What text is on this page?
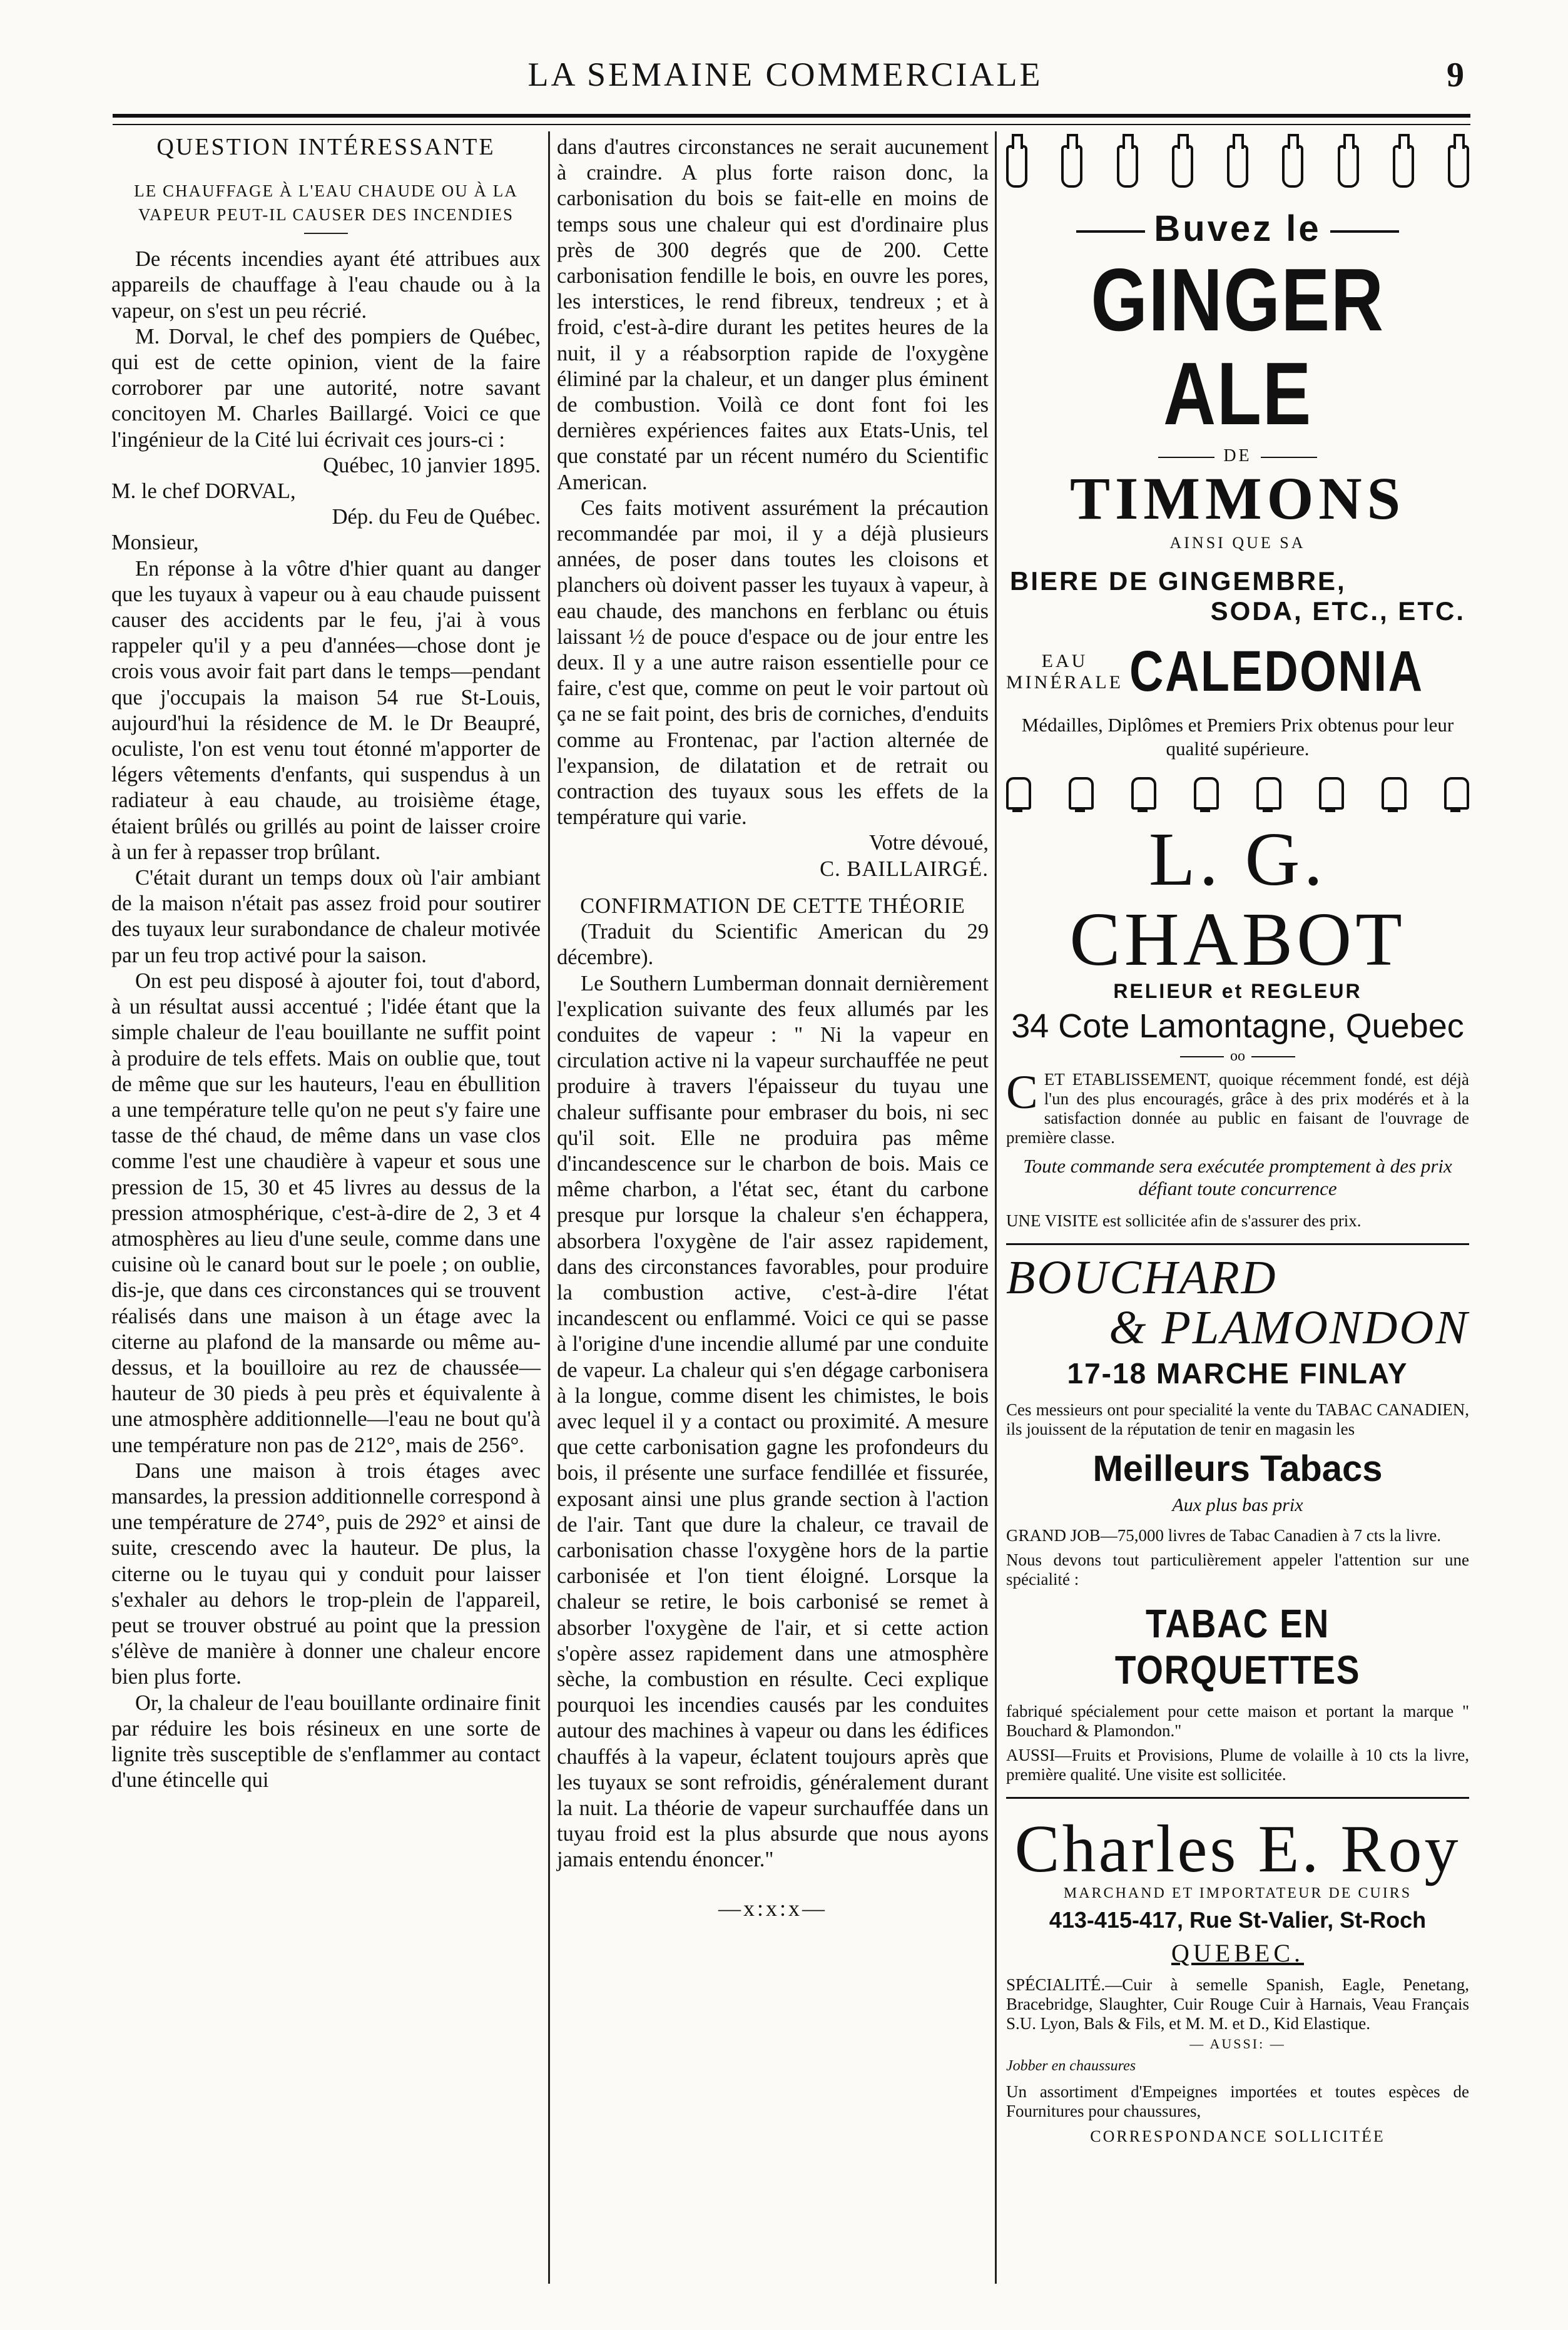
LA SEMAINE COMMERCIALE	9
QUESTION INTÉRESSANTE
LE CHAUFFAGE À L'EAU CHAUDE OU À LA VAPEUR PEUT-IL CAUSER DES INCENDIES

De récents incendies ayant été attribues aux appareils de chauffage à l'eau chaude ou à la vapeur, on s'est un peu récrié.

M. Dorval, le chef des pompiers de Québec, qui est de cette opinion, vient de la faire corroborer par une autorité, notre savant concitoyen M. Charles Baillargé. Voici ce que l'ingénieur de la Cité lui écrivait ces jours-ci :

Québec, 10 janvier 1895.

M. le chef DORVAL,

Dép. du Feu de Québec.

Monsieur,

En réponse à la vôtre d'hier quant au danger que les tuyaux à vapeur ou à eau chaude puissent causer des accidents par le feu, j'ai à vous rappeler qu'il y a peu d'années—chose dont je crois vous avoir fait part dans le temps—pendant que j'occupais la maison 54 rue St-Louis, aujourd'hui la résidence de M. le Dr Beaupré, oculiste, l'on est venu tout étonné m'apporter de légers vêtements d'enfants, qui suspendus à un radiateur à eau chaude, au troisième étage, étaient brûlés ou grillés au point de laisser croire à un fer à repasser trop brûlant.

C'était durant un temps doux où l'air ambiant de la maison n'était pas assez froid pour soutirer des tuyaux leur surabondance de chaleur motivée par un feu trop activé pour la saison.

On est peu disposé à ajouter foi, tout d'abord, à un résultat aussi accentué ; l'idée étant que la simple chaleur de l'eau bouillante ne suffit point à produire de tels effets. Mais on oublie que, tout de même que sur les hauteurs, l'eau en ébullition a une température telle qu'on ne peut s'y faire une tasse de thé chaud, de même dans un vase clos comme l'est une chaudière à vapeur et sous une pression de 15, 30 et 45 livres au dessus de la pression atmosphérique, c'est-à-dire de 2, 3 et 4 atmosphères au lieu d'une seule, comme dans une cuisine où le canard bout sur le poele ; on oublie, dis-je, que dans ces circonstances qui se trouvent réalisés dans une maison à un étage avec la citerne au plafond de la mansarde ou même au-dessus, et la bouilloire au rez de chaussée—hauteur de 30 pieds à peu près et équivalente à une atmosphère additionnelle—l'eau ne bout qu'à une température non pas de 212°, mais de 256°.

Dans une maison à trois étages avec mansardes, la pression additionnelle correspond à une température de 274°, puis de 292° et ainsi de suite, crescendo avec la hauteur. De plus, la citerne ou le tuyau qui y conduit pour laisser s'exhaler au dehors le trop-plein de l'appareil, peut se trouver obstrué au point que la pression s'élève de manière à donner une chaleur encore bien plus forte.

Or, la chaleur de l'eau bouillante ordinaire finit par réduire les bois résineux en une sorte de lignite très susceptible de s'enflammer au contact d'une étincelle qui

dans d'autres circonstances ne serait aucunement à craindre. A plus forte raison donc, la carbonisation du bois se fait-elle en moins de temps sous une chaleur qui est d'ordinaire plus près de 300 degrés que de 200. Cette carbonisation fendille le bois, en ouvre les pores, les interstices, le rend fibreux, tendreux ; et à froid, c'est-à-dire durant les petites heures de la nuit, il y a réabsorption rapide de l'oxygène éliminé par la chaleur, et un danger plus éminent de combustion. Voilà ce dont font foi les dernières expériences faites aux Etats-Unis, tel que constaté par un récent numéro du Scientific American.

Ces faits motivent assurément la précaution recommandée par moi, il y a déjà plusieurs années, de poser dans toutes les cloisons et planchers où doivent passer les tuyaux à vapeur, à eau chaude, des manchons en ferblanc ou étuis laissant ½ de pouce d'espace ou de jour entre les deux. Il y a une autre raison essentielle pour ce faire, c'est que, comme on peut le voir partout où ça ne se fait point, des bris de corniches, d'enduits comme au Frontenac, par l'action alternée de l'expansion, de dilatation et de retrait ou contraction des tuyaux sous les effets de la température qui varie.

Votre dévoué,

C. BAILLAIRGÉ.

CONFIRMATION DE CETTE THÉORIE

(Traduit du Scientific American du 29 décembre).

Le Southern Lumberman donnait dernièrement l'explication suivante des feux allumés par les conduites de vapeur : " Ni la vapeur en circulation active ni la vapeur surchauffée ne peut produire à travers l'épaisseur du tuyau une chaleur suffisante pour embraser du bois, ni sec qu'il soit. Elle ne produira pas même d'incandescence sur le charbon de bois. Mais ce même charbon, a l'état sec, étant du carbone presque pur lorsque la chaleur s'en échappera, absorbera l'oxygène de l'air assez rapidement, dans des circonstances favorables, pour produire la combustion active, c'est-à-dire l'état incandescent ou enflammé. Voici ce qui se passe à l'origine d'une incendie allumé par une conduite de vapeur. La chaleur qui s'en dégage carbonisera à la longue, comme disent les chimistes, le bois avec lequel il y a contact ou proximité. A mesure que cette carbonisation gagne les profondeurs du bois, il présente une surface fendillée et fissurée, exposant ainsi une plus grande section à l'action de l'air. Tant que dure la chaleur, ce travail de carbonisation chasse l'oxygène hors de la partie carbonisée et l'on tient éloigné. Lorsque la chaleur se retire, le bois carbonisé se remet à absorber l'oxygène de l'air, et si cette action s'opère assez rapidement dans une atmosphère sèche, la combustion en résulte. Ceci explique pourquoi les incendies causés par les conduites autour des machines à vapeur ou dans les édifices chauffés à la vapeur, éclatent toujours après que les tuyaux se sont refroidis, généralement durant la nuit. La théorie de vapeur surchauffée dans un tuyau froid est la plus absurde que nous ayons jamais entendu énoncer."

—x:x:x—
Buvez le
GINGER ALE
DE
TIMMONS
AINSI QUE SA
BIERE DE GINGEMBRE,
SODA, ETC., ETC.
EAU MINÉRALE CALEDONIA
Médailles, Diplômes et Premiers Prix obtenus pour leur qualité supérieure.
L. G. CHABOT
RELIEUR et REGLEUR
34 Cote Lamontagne, Quebec
oo
CET ETABLISSEMENT, quoique récemment fondé, est déjà l'un des plus encouragés, grâce à des prix modérés et à la satisfaction donnée au public en faisant de l'ouvrage de première classe.
Toute commande sera exécutée promptement à des prix défiant toute concurrence
UNE VISITE est sollicitée afin de s'assurer des prix.
BOUCHARD
& PLAMONDON
17-18 MARCHE FINLAY
Ces messieurs ont pour specialité la vente du TABAC CANADIEN, ils jouissent de la réputation de tenir en magasin les
Meilleurs Tabacs
Aux plus bas prix
GRAND JOB—75,000 livres de Tabac Canadien à 7 cts la livre.
Nous devons tout particulièrement appeler l'attention sur une spécialité :
TABAC EN TORQUETTES
fabriqué spécialement pour cette maison et portant la marque " Bouchard & Plamondon."
AUSSI—Fruits et Provisions, Plume de volaille à 10 cts la livre, première qualité. Une visite est sollicitée.
Charles E. Roy
MARCHAND ET IMPORTATEUR DE CUIRS
413-415-417, Rue St-Valier, St-Roch
QUEBEC.
SPÉCIALITÉ.—Cuir à semelle Spanish, Eagle, Penetang, Bracebridge, Slaughter, Cuir Rouge Cuir à Harnais, Veau Français S.U. Lyon, Bals & Fils, et M. M. et D., Kid Elastique.
— AUSSI: —
Jobber en chaussures
Un assortiment d'Empeignes importées et toutes espèces de Fournitures pour chaussures,
CORRESPONDANCE SOLLICITÉE
